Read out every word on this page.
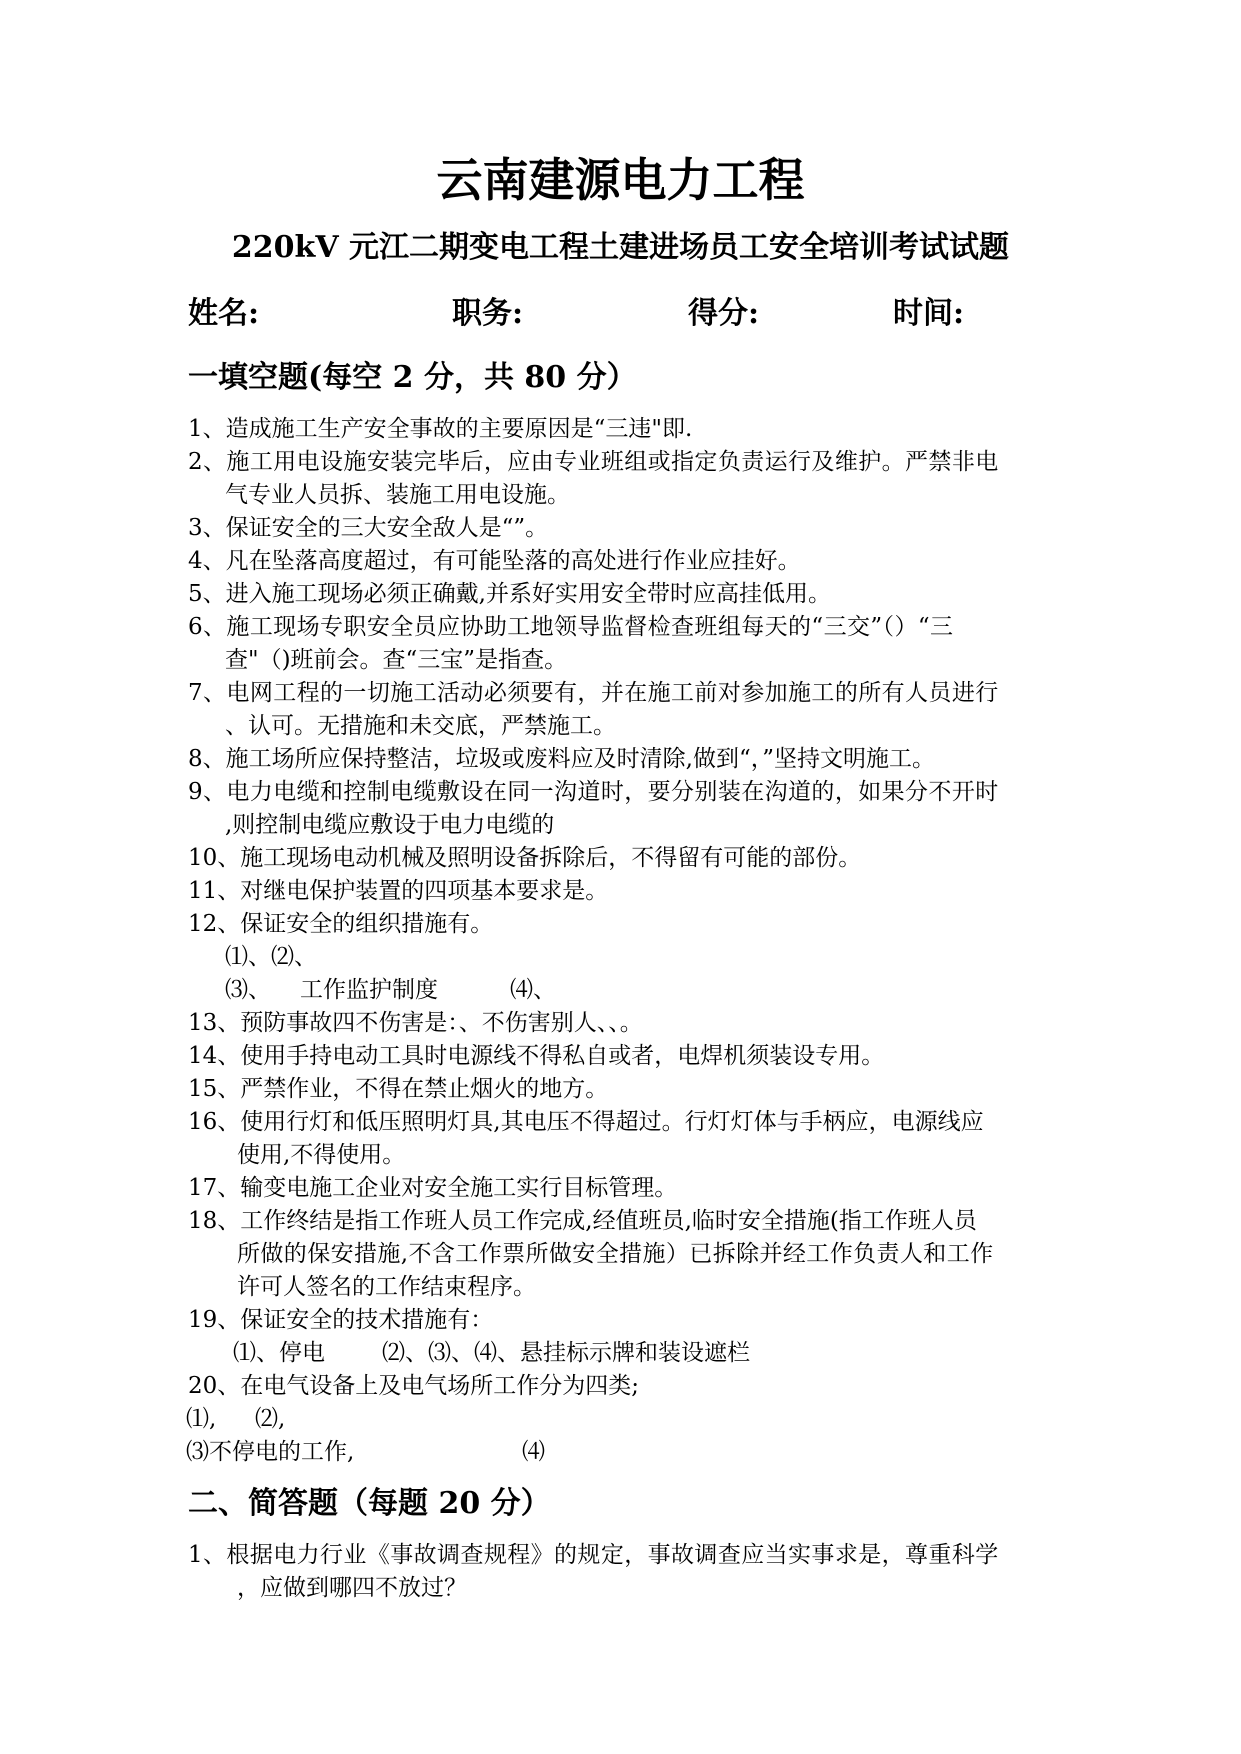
云南建源电力工程
220kV 元江二期变电工程土建进场员工安全培训考试试题
姓名:	职务:	得分:	时间:
一填空题(每空 2 分，共 80 分）
1、造成施工生产安全事故的主要原因是“三违"即.
2、施工用电设施安装完毕后，应由专业班组或指定负责运行及维护。严禁非电
气专业人员拆、装施工用电设施。
3、保证安全的三大安全敌人是“”。
4、凡在坠落高度超过，有可能坠落的高处进行作业应挂好。
5、进入施工现场必须正确戴,并系好实用安全带时应高挂低用。
6、施工现场专职安全员应协助工地领导监督检查班组每天的“三交”（）“三
查"（)班前会。查“三宝”是指查。
7、电网工程的一切施工活动必须要有，并在施工前对参加施工的所有人员进行
、认可。无措施和未交底，严禁施工。
8、施工场所应保持整洁，垃圾或废料应及时清除,做到“，”坚持文明施工。
9、电力电缆和控制电缆敷设在同一沟道时，要分别装在沟道的，如果分不开时
,则控制电缆应敷设于电力电缆的
10、施工现场电动机械及照明设备拆除后，不得留有可能的部份。
11、对继电保护装置的四项基本要求是。
12、保证安全的组织措施有。
⑴、⑵、
⑶、 工作监护制度	⑷、
13、预防事故四不伤害是：、不伤害别人、、。
14、使用手持电动工具时电源线不得私自或者，电焊机须装设专用。
15、严禁作业，不得在禁止烟火的地方。
16、使用行灯和低压照明灯具,其电压不得超过。行灯灯体与手柄应，电源线应
使用,不得使用。
17、输变电施工企业对安全施工实行目标管理。
18、工作终结是指工作班人员工作完成,经值班员,临时安全措施(指工作班人员
所做的保安措施,不含工作票所做安全措施）已拆除并经工作负责人和工作
许可人签名的工作结束程序。
19、保证安全的技术措施有：
⑴、停电 ⑵、⑶、⑷、悬挂标示牌和装设遮栏
20、在电气设备上及电气场所工作分为四类;
⑴, ⑵,
⑶不停电的工作,	⑷
二、简答题（每题 20 分）
1、根据电力行业《事故调查规程》的规定，事故调查应当实事求是，尊重科学
，应做到哪四不放过？
